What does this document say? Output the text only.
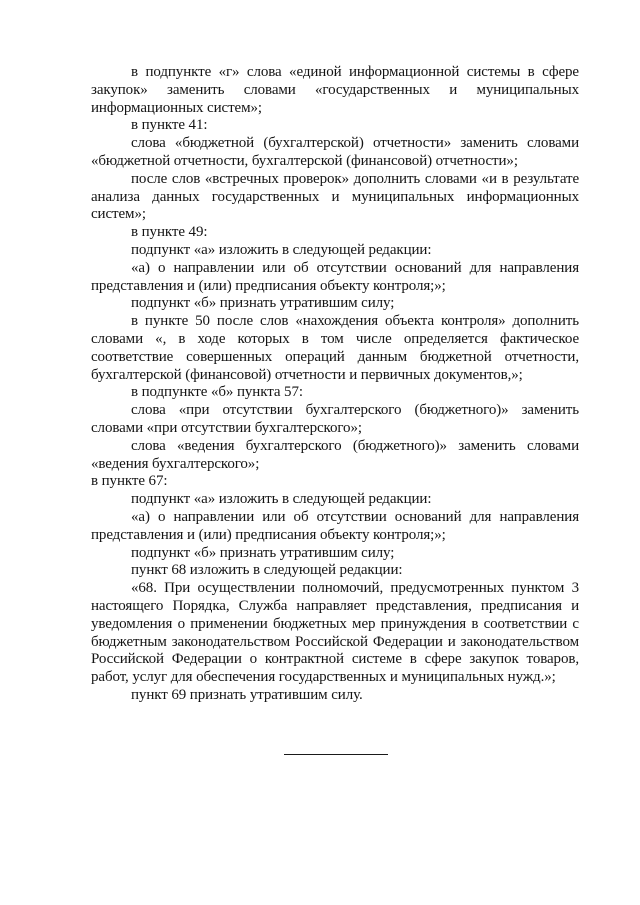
в подпункте «г» слова «единой информационной системы в сфере закупок» заменить словами «государственных и муниципальных информационных систем»;

в пункте 41:

слова «бюджетной (бухгалтерской) отчетности» заменить словами «бюджетной отчетности, бухгалтерской (финансовой) отчетности»;

после слов «встречных проверок» дополнить словами «и в результате анализа данных государственных и муниципальных информационных систем»;

в пункте 49:

подпункт «а» изложить в следующей редакции:

«а) о направлении или об отсутствии оснований для направления представления и (или) предписания объекту контроля;»;

подпункт «б» признать утратившим силу;

в пункте 50 после слов «нахождения объекта контроля» дополнить словами «, в ходе которых в том числе определяется фактическое соответствие совершенных операций данным бюджетной отчетности, бухгалтерской (финансовой) отчетности и первичных документов,»;

в подпункте «б» пункта 57:

слова «при отсутствии бухгалтерского (бюджетного)» заменить словами «при отсутствии бухгалтерского»;

слова «ведения бухгалтерского (бюджетного)» заменить словами «ведения бухгалтерского»;

в пункте 67:

подпункт «а» изложить в следующей редакции:

«а) о направлении или об отсутствии оснований для направления представления и (или) предписания объекту контроля;»;

подпункт «б» признать утратившим силу;

пункт 68 изложить в следующей редакции:

«68. При осуществлении полномочий, предусмотренных пунктом 3 настоящего Порядка, Служба направляет представления, предписания и уведомления о применении бюджетных мер принуждения в соответствии с бюджетным законодательством Российской Федерации и законодательством Российской Федерации о контрактной системе в сфере закупок товаров, работ, услуг для обеспечения государственных и муниципальных нужд.»;

пункт 69 признать утратившим силу.
